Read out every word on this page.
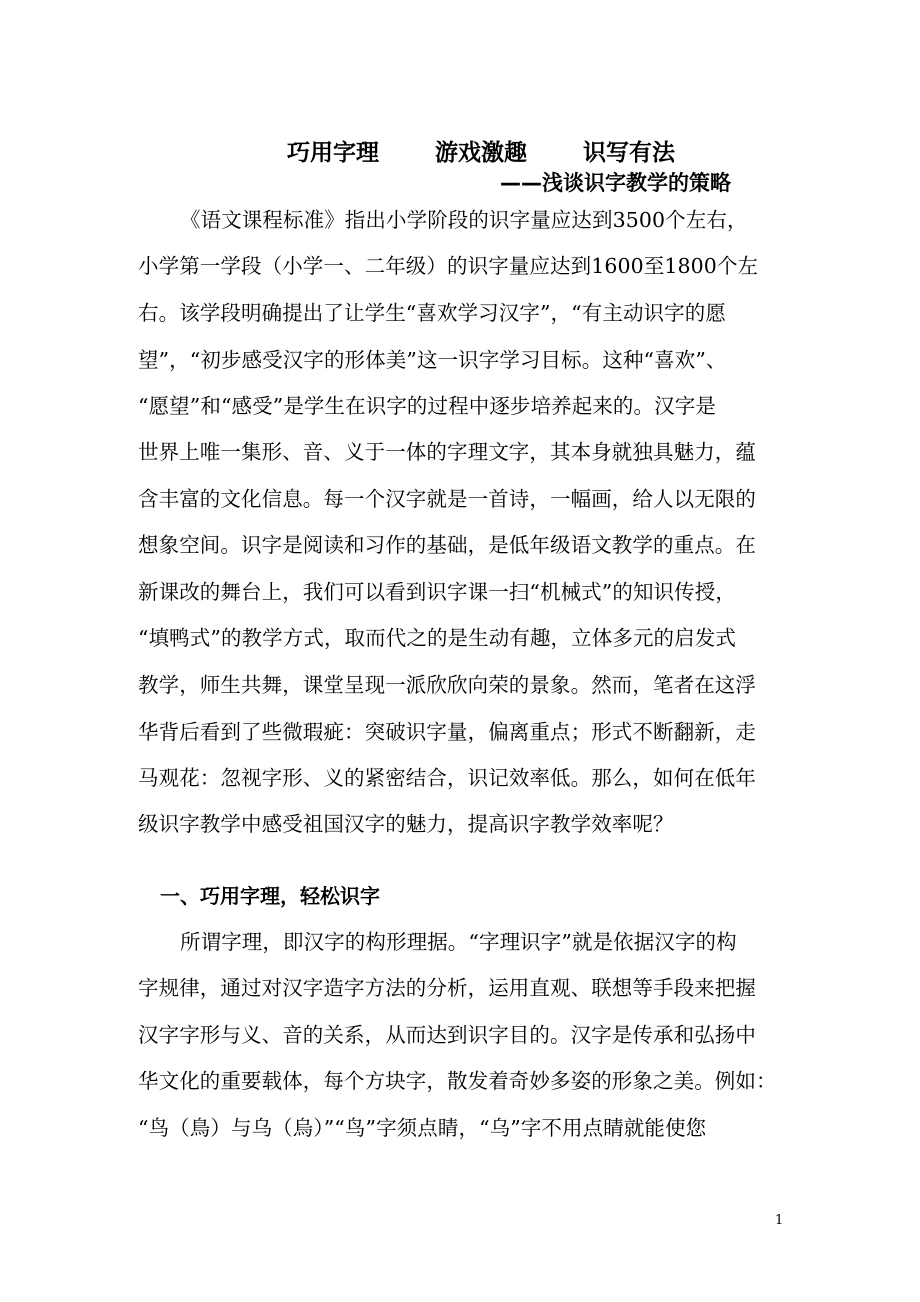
巧用字理 游戏激趣 识写有法
——浅谈识字教学的策略
《语文课程标准》指出小学阶段的识字量应达到3500个左右，
小学第一学段（小学一、二年级）的识字量应达到1600至1800个左
右。该学段明确提出了让学生“喜欢学习汉字”，“有主动识字的愿
望”，“初步感受汉字的形体美”这一识字学习目标。这种“喜欢”、
“愿望”和“感受”是学生在识字的过程中逐步培养起来的。汉字是
世界上唯一集形、音、义于一体的字理文字，其本身就独具魅力，蕴
含丰富的文化信息。每一个汉字就是一首诗，一幅画，给人以无限的
想象空间。识字是阅读和习作的基础，是低年级语文教学的重点。在
新课改的舞台上，我们可以看到识字课一扫“机械式”的知识传授，
“填鸭式”的教学方式，取而代之的是生动有趣，立体多元的启发式
教学，师生共舞，课堂呈现一派欣欣向荣的景象。然而，笔者在这浮
华背后看到了些微瑕疵：突破识字量，偏离重点；形式不断翻新，走
马观花：忽视字形、义的紧密结合，识记效率低。那么，如何在低年
级识字教学中感受祖国汉字的魅力，提高识字教学效率呢？
一、巧用字理，轻松识字
所谓字理，即汉字的构形理据。“字理识字”就是依据汉字的构
字规律，通过对汉字造字方法的分析，运用直观、联想等手段来把握
汉字字形与义、音的关系，从而达到识字目的。汉字是传承和弘扬中
华文化的重要载体，每个方块字，散发着奇妙多姿的形象之美。例如：
“鸟（鳥）与乌（烏）”“鸟”字须点睛，“乌”字不用点睛就能使您
1
